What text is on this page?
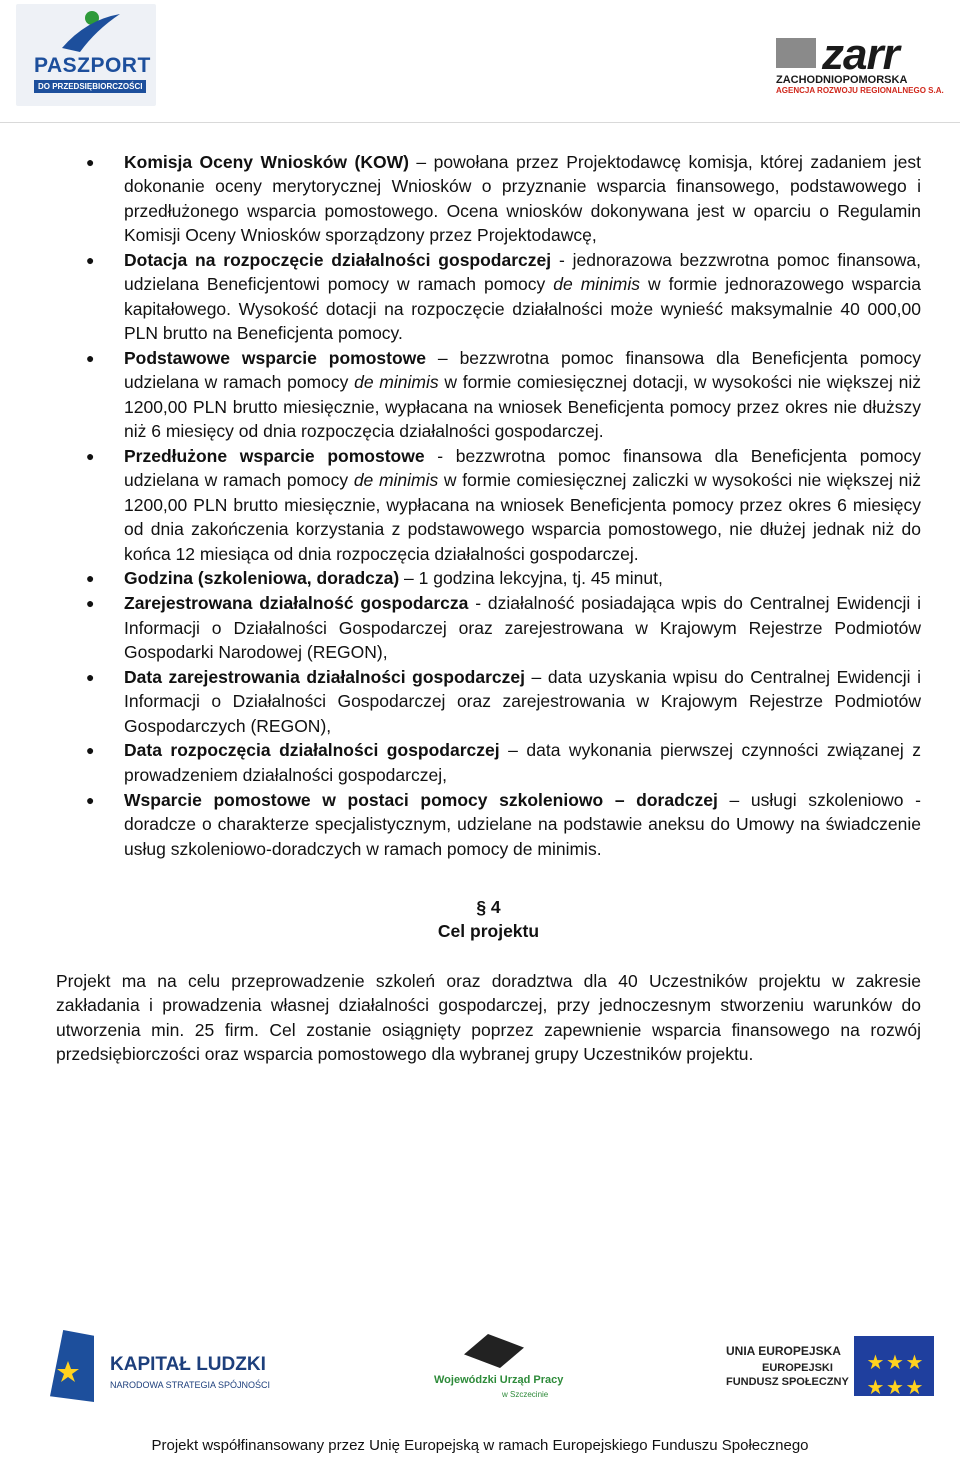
PASZPORT
DO PRZEDSIĘBIORCZOŚCI
zarr
ZACHODNIOPOMORSKA
AGENCJA ROZWOJU REGIONALNEGO S.A.
● Komisja Oceny Wniosków (KOW) – powołana przez Projektodawcę komisja, której zadaniem jest dokonanie oceny merytorycznej Wniosków o przyznanie wsparcia finansowego, podstawowego i przedłużonego wsparcia pomostowego. Ocena wniosków dokonywana jest w oparciu o Regulamin Komisji Oceny Wniosków sporządzony przez Projektodawcę,
● Dotacja na rozpoczęcie działalności gospodarczej - jednorazowa bezzwrotna pomoc finansowa, udzielana Beneficjentowi pomocy w ramach pomocy de minimis w formie jednorazowego wsparcia kapitałowego. Wysokość dotacji na rozpoczęcie działalności może wynieść maksymalnie 40 000,00 PLN brutto na Beneficjenta pomocy.
● Podstawowe wsparcie pomostowe – bezzwrotna pomoc finansowa dla Beneficjenta pomocy udzielana w ramach pomocy de minimis w formie comiesięcznej dotacji, w wysokości nie większej niż 1200,00 PLN brutto miesięcznie, wypłacana na wniosek Beneficjenta pomocy przez okres nie dłuższy niż 6 miesięcy od dnia rozpoczęcia działalności gospodarczej.
● Przedłużone wsparcie pomostowe - bezzwrotna pomoc finansowa dla Beneficjenta pomocy udzielana w ramach pomocy de minimis w formie comiesięcznej zaliczki w wysokości nie większej niż 1200,00 PLN brutto miesięcznie, wypłacana na wniosek Beneficjenta pomocy przez okres 6 miesięcy od dnia zakończenia korzystania z podstawowego wsparcia pomostowego, nie dłużej jednak niż do końca 12 miesiąca od dnia rozpoczęcia działalności gospodarczej.
● Godzina (szkoleniowa, doradcza) – 1 godzina lekcyjna, tj. 45 minut,
● Zarejestrowana działalność gospodarcza - działalność posiadająca wpis do Centralnej Ewidencji i Informacji o Działalności Gospodarczej oraz zarejestrowana w Krajowym Rejestrze Podmiotów Gospodarki Narodowej (REGON),
● Data zarejestrowania działalności gospodarczej – data uzyskania wpisu do Centralnej Ewidencji i Informacji o Działalności Gospodarczej oraz zarejestrowania w Krajowym Rejestrze Podmiotów Gospodarczych (REGON),
● Data rozpoczęcia działalności gospodarczej – data wykonania pierwszej czynności związanej z prowadzeniem działalności gospodarczej,
● Wsparcie pomostowe w postaci pomocy szkoleniowo – doradczej – usługi szkoleniowo - doradcze o charakterze specjalistycznym, udzielane na podstawie aneksu do Umowy na świadczenie usług szkoleniowo-doradczych w ramach pomocy de minimis.
§ 4
Cel projektu
Projekt ma na celu przeprowadzenie szkoleń oraz doradztwa dla 40 Uczestników projektu w zakresie zakładania i prowadzenia własnej działalności gospodarczej, przy jednoczesnym stworzeniu warunków do utworzenia min. 25 firm. Cel zostanie osiągnięty poprzez zapewnienie wsparcia finansowego na rozwój przedsiębiorczości oraz wsparcia pomostowego dla wybranej grupy Uczestników projektu.
KAPITAŁ LUDZKI
NARODOWA STRATEGIA SPÓJNOŚCI	Wojewódzki Urząd Pracy
w Szczecinie
UNIA EUROPEJSKA
EUROPEJSKI
FUNDUSZ SPOŁECZNY
★ ★ ★
★ ★ ★
Projekt współfinansowany przez Unię Europejską w ramach Europejskiego Funduszu Społecznego
